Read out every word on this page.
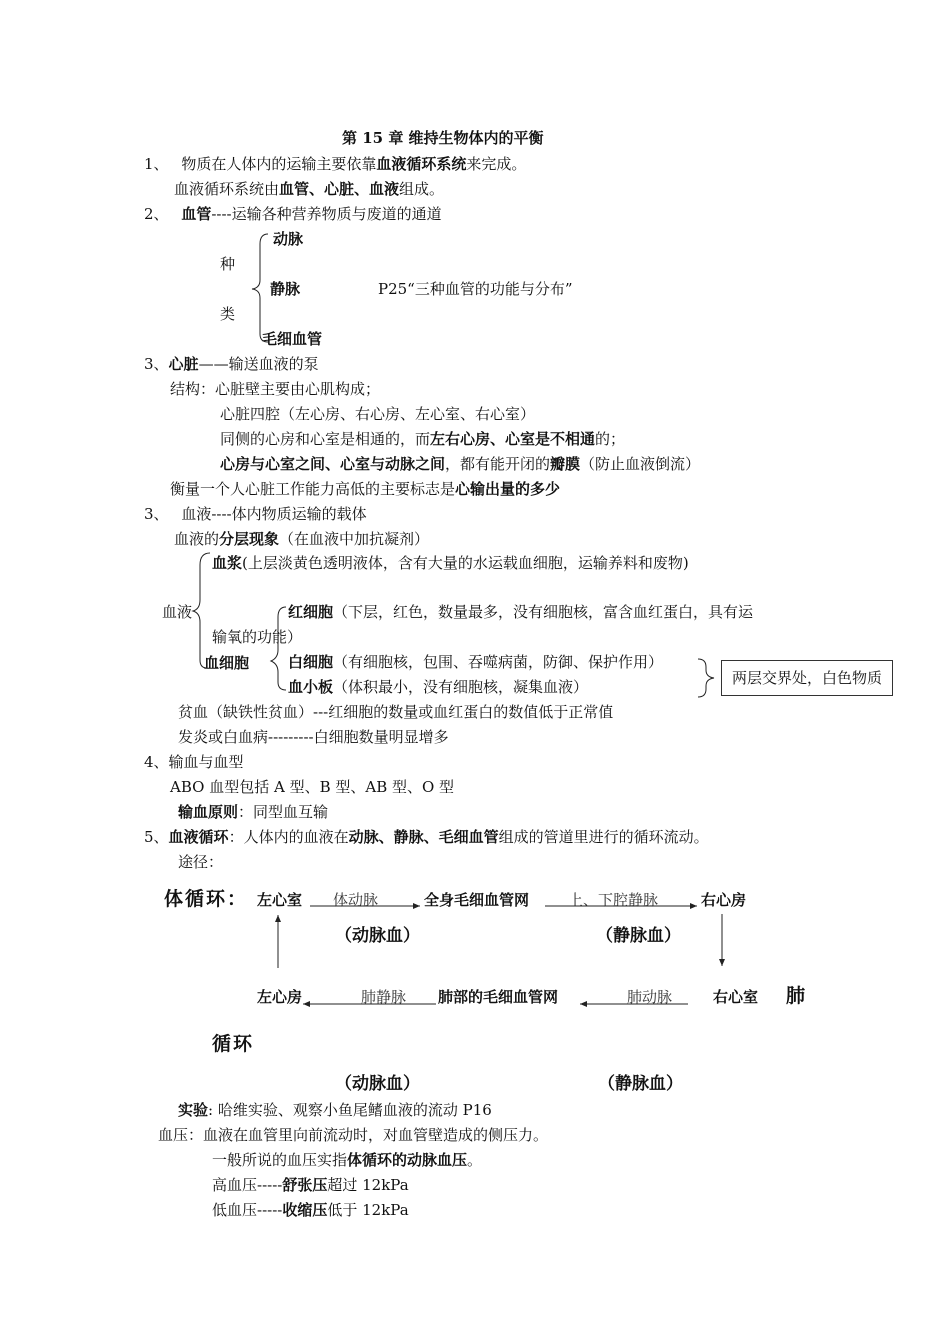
第 15 章 维持生物体内的平衡
1、 物质在人体内的运输主要依靠血液循环系统来完成。
血液循环系统由血管、心脏、血液组成。
2、 血管----运输各种营养物质与废道的通道
种
类
动脉
静脉	P25“三种血管的功能与分布”
毛细血管
3、心脏——输送血液的泵
结构：心脏壁主要由心肌构成；
心脏四腔（左心房、右心房、左心室、右心室）
同侧的心房和心室是相通的，而左右心房、心室是不相通的；
心房与心室之间、心室与动脉之间，都有能开闭的瓣膜（防止血液倒流）
衡量一个人心脏工作能力高低的主要标志是心输出量的多少
3、 血液----体内物质运输的载体
血液的分层现象（在血液中加抗凝剂）
血浆(上层淡黄色透明液体，含有大量的水运载血细胞，运输养料和废物)
血液	红细胞（下层，红色，数量最多，没有细胞核，富含血红蛋白，具有运
输氧的功能）
血细胞	白细胞（有细胞核，包围、吞噬病菌，防御、保护作用）
血小板（体积最小，没有细胞核，凝集血液）	两层交界处，白色物质
贫血（缺铁性贫血）---红细胞的数量或血红蛋白的数值低于正常值
发炎或白血病---------白细胞数量明显增多
4、输血与血型
ABO 血型包括 A 型、B 型、AB 型、O 型
输血原则：同型血互输
5、血液循环：人体内的血液在动脉、静脉、毛细血管组成的管道里进行的循环流动。
途径：
体循环： 左心室 体动脉	全身毛细血管网	上、下腔静脉	右心房
（动脉血）	（静脉血）
左心房	肺静脉 肺部的毛细血管网	肺动脉	右心室 肺
循环
（动脉血）	（静脉血）
实验: 哈维实验、观察小鱼尾鳍血液的流动 P16
血压：血液在血管里向前流动时，对血管壁造成的侧压力。
一般所说的血压实指体循环的动脉血压。
高血压-----舒张压超过 12kPa
低血压-----收缩压低于 12kPa
